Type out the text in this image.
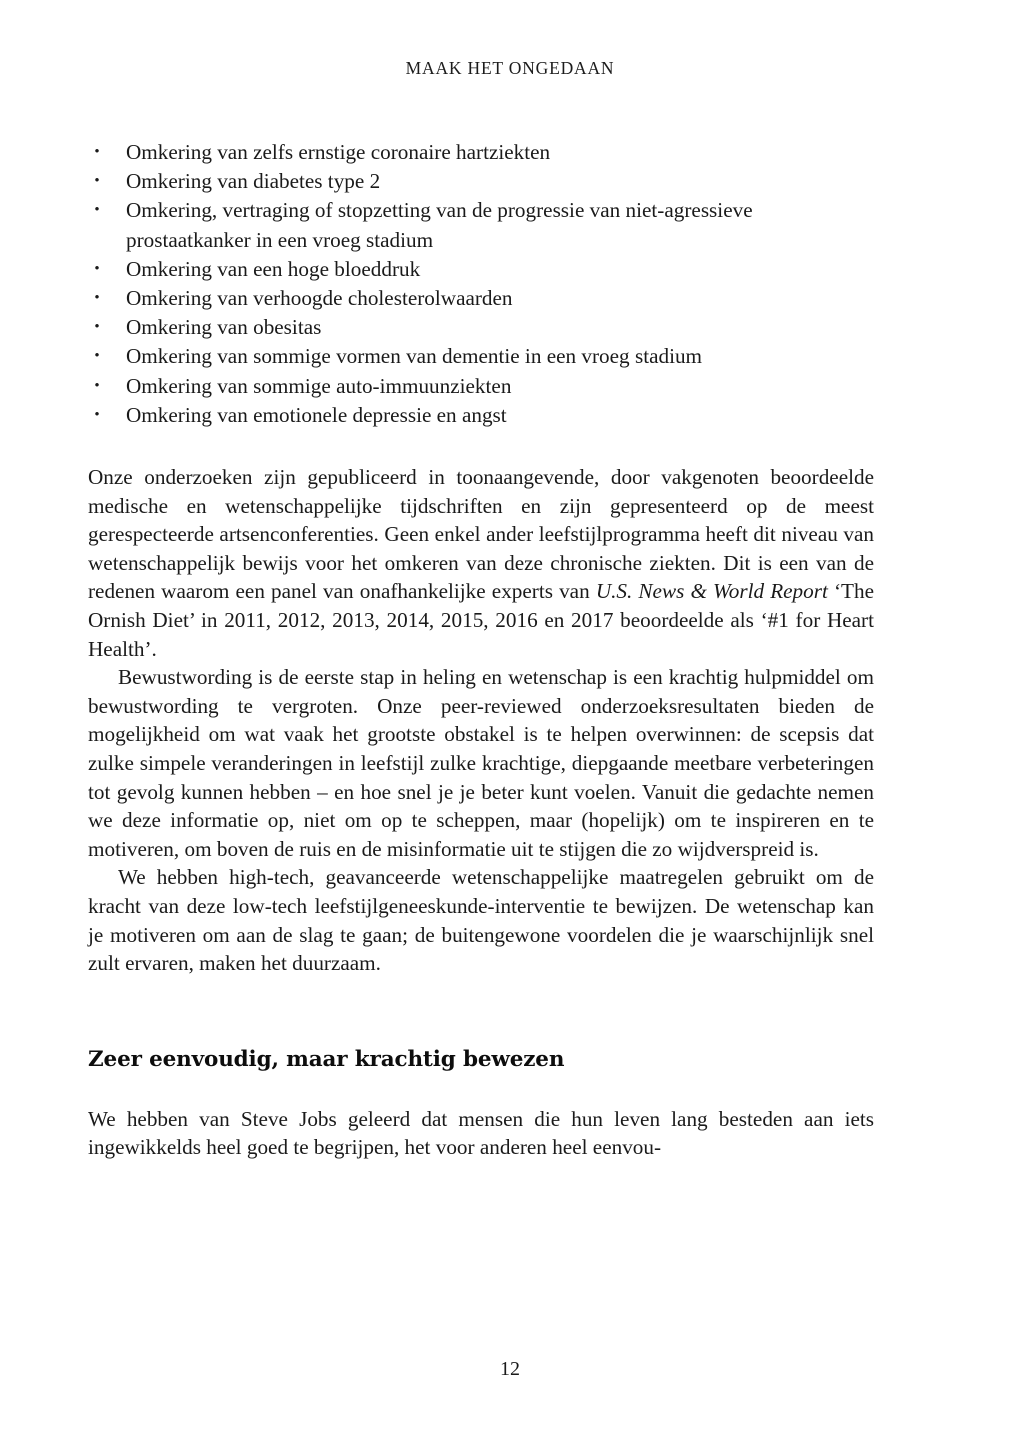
MAAK HET ONGEDAAN
• Omkering van zelfs ernstige coronaire hartziekten
• Omkering van diabetes type 2
• Omkering, vertraging of stopzetting van de progressie van niet-agressieve prostaatkanker in een vroeg stadium
• Omkering van een hoge bloeddruk
• Omkering van verhoogde cholesterolwaarden
• Omkering van obesitas
• Omkering van sommige vormen van dementie in een vroeg stadium
• Omkering van sommige auto-immuunziekten
• Omkering van emotionele depressie en angst

Onze onderzoeken zijn gepubliceerd in toonaangevende, door vakgenoten beoordeelde medische en wetenschappelijke tijdschriften en zijn gepresenteerd op de meest gerespecteerde artsenconferenties. Geen enkel ander leefstijlprogramma heeft dit niveau van wetenschappelijk bewijs voor het omkeren van deze chronische ziekten. Dit is een van de redenen waarom een panel van onafhankelijke experts van U.S. News & World Report ‘The Ornish Diet’ in 2011, 2012, 2013, 2014, 2015, 2016 en 2017 beoordeelde als ‘#1 for Heart Health’.

Bewustwording is de eerste stap in heling en wetenschap is een krachtig hulpmiddel om bewustwording te vergroten. Onze peer-reviewed onderzoeksresultaten bieden de mogelijkheid om wat vaak het grootste obstakel is te helpen overwinnen: de scepsis dat zulke simpele veranderingen in leefstijl zulke krachtige, diepgaande meetbare verbeteringen tot gevolg kunnen hebben – en hoe snel je je beter kunt voelen. Vanuit die gedachte nemen we deze informatie op, niet om op te scheppen, maar (hopelijk) om te inspireren en te motiveren, om boven de ruis en de misinformatie uit te stijgen die zo wijdverspreid is.

We hebben high-tech, geavanceerde wetenschappelijke maatregelen gebruikt om de kracht van deze low-tech leefstijlgeneeskunde-interventie te bewijzen. De wetenschap kan je motiveren om aan de slag te gaan; de buitengewone voordelen die je waarschijnlijk snel zult ervaren, maken het duurzaam.

Zeer eenvoudig, maar krachtig bewezen

We hebben van Steve Jobs geleerd dat mensen die hun leven lang besteden aan iets ingewikkelds heel goed te begrijpen, het voor anderen heel eenvou-

12
